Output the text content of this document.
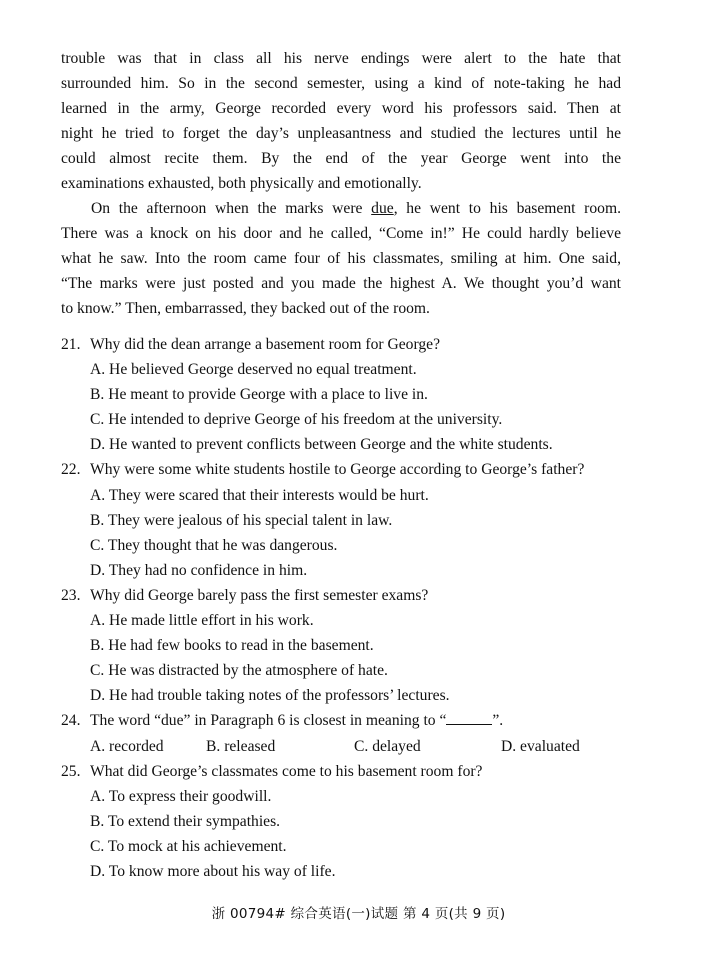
trouble was that in class all his nerve endings were alert to the hate that
surrounded him. So in the second semester, using a kind of note-taking he had
learned in the army, George recorded every word his professors said. Then at
night he tried to forget the day’s unpleasantness and studied the lectures until he
could almost recite them. By the end of the year George went into the
examinations exhausted, both physically and emotionally.
On the afternoon when the marks were due, he went to his basement room.
There was a knock on his door and he called, “Come in!” He could hardly believe
what he saw. Into the room came four of his classmates, smiling at him. One said,
“The marks were just posted and you made the highest A. We thought you’d want
to know.” Then, embarrassed, they backed out of the room.
21. Why did the dean arrange a basement room for George?
A. He believed George deserved no equal treatment.
B. He meant to provide George with a place to live in.
C. He intended to deprive George of his freedom at the university.
D. He wanted to prevent conflicts between George and the white students.
22. Why were some white students hostile to George according to George’s father?
A. They were scared that their interests would be hurt.
B. They were jealous of his special talent in law.
C. They thought that he was dangerous.
D. They had no confidence in him.
23. Why did George barely pass the first semester exams?
A. He made little effort in his work.
B. He had few books to read in the basement.
C. He was distracted by the atmosphere of hate.
D. He had trouble taking notes of the professors’ lectures.
24. The word “due” in Paragraph 6 is closest in meaning to “	”.
A. recorded	B. released	C. delayed	D. evaluated
25. What did George’s classmates come to his basement room for?
A. To express their goodwill.
B. To extend their sympathies.
C. To mock at his achievement.
D. To know more about his way of life.
浙 00794# 综合英语(一)试题 第 4 页(共 9 页)
